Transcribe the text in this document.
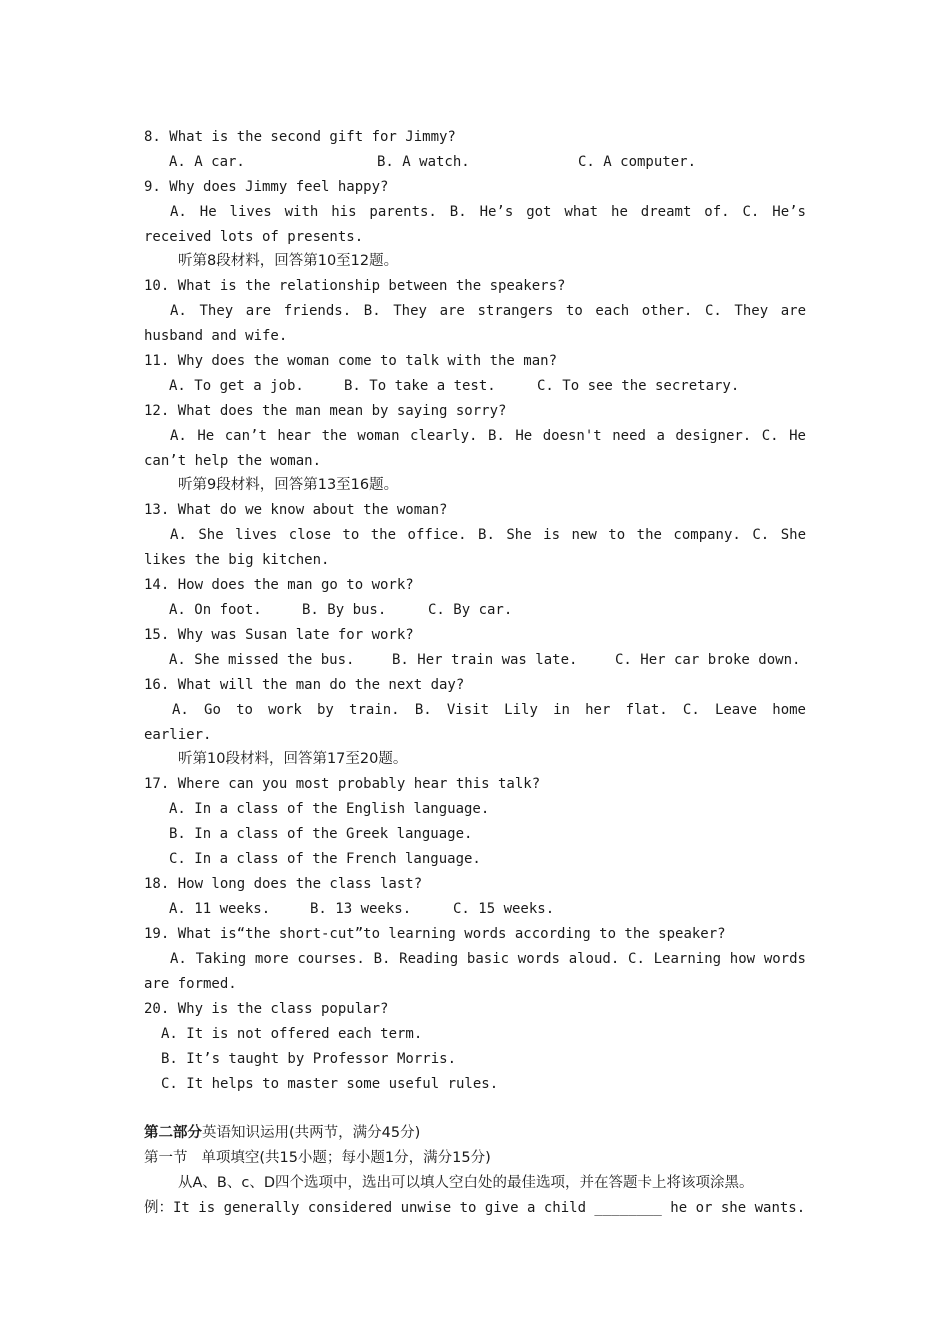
8. What is the second gift for Jimmy?
A. A car.	B. A watch.	C. A computer.
9. Why does Jimmy feel happy?
A. He lives with his parents. B. He’s got what he dreamt of. C. He’s
received lots of presents.
听第8段材料，回答第10至12题。
10. What is the relationship between the speakers?
A. They are friends. B. They are strangers to each other. C. They are
husband and wife.
11. Why does the woman come to talk with the man?
A. To get a job.	B. To take a test.	C. To see the secretary.
12. What does the man mean by saying sorry?
A. He can’t hear the woman clearly. B. He doesn't need a designer. C. He
can’t help the woman.
听第9段材料，回答第13至16题。
13. What do we know about the woman?
A. She lives close to the office. B. She is new to the company. C. She
likes the big kitchen.
14. How does the man go to work?
A. On foot.	B. By bus.	C. By car.
15. Why was Susan late for work?
A. She missed the bus.	B. Her train was late.	C. Her car broke down.
16. What will the man do the next day?
A. Go to work by train. B. Visit Lily in her flat. C. Leave home
earlier.
听第10段材料，回答第17至20题。
17. Where can you most probably hear this talk?
A. In a class of the English language.
B. In a class of the Greek language.
C. In a class of the French language.
18. How long does the class last?
A. 11 weeks.	B. 13 weeks.	C. 15 weeks.
19. What is“the short-cut”to learning words according to the speaker?
A. Taking more courses. B. Reading basic words aloud. C. Learning how words
are formed.
20. Why is the class popular?
A. It is not offered each term.
B. It’s taught by Professor Morris.
C. It helps to master some useful rules.
第二部分英语知识运用(共两节，满分45分)
第一节   单项填空(共15小题；每小题1分，满分15分)
从A、B、c、D四个选项中，选出可以填人空白处的最佳选项，并在答题卡上将该项涂黑。
例：It is generally considered unwise to give a child ________ he or she wants.
